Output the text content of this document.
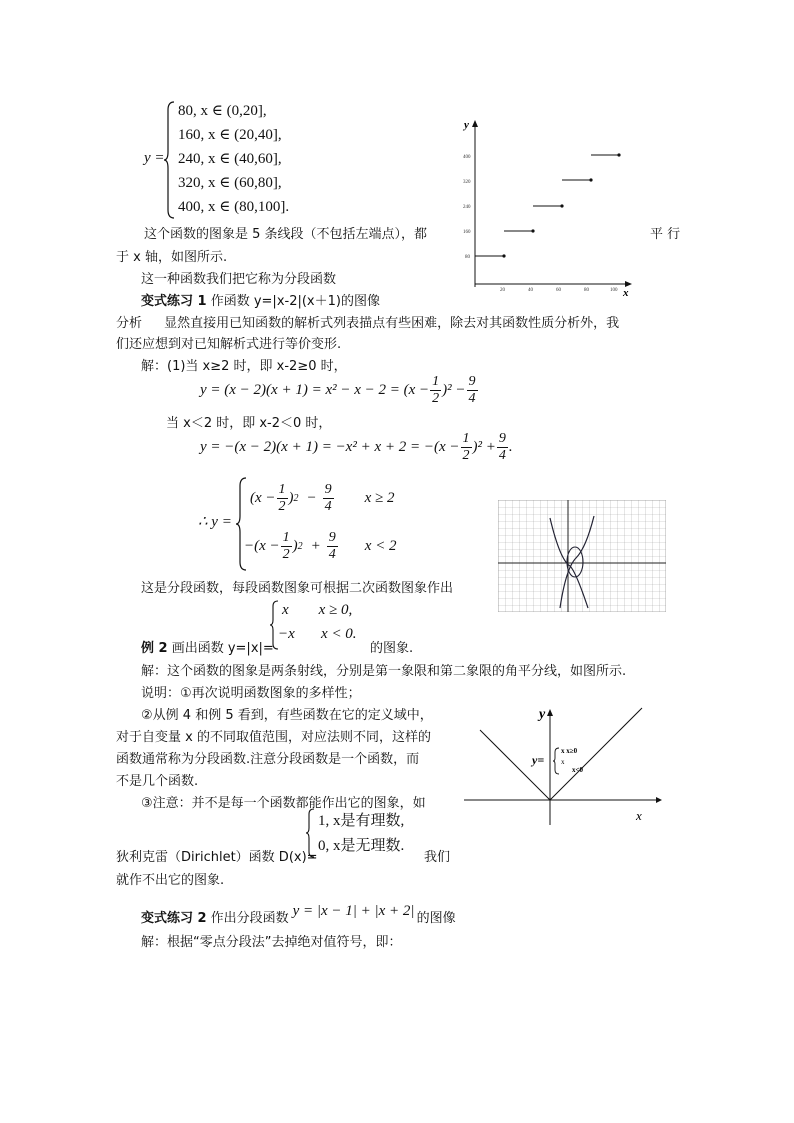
y =
80, x ∈ (0,20],
160, x ∈ (20,40],
240, x ∈ (40,60],
320, x ∈ (60,80],
400, x ∈ (80,100].
y
x
400
320
240
160
80
20	40	60	80	100
这个函数的图象是 5 条线段（不包括左端点），都	平 行
于 x 轴，如图所示.
这一种函数我们把它称为分段函数
变式练习 1 作函数 y=|x-2|(x＋1)的图像
分析 显然直接用已知函数的解析式列表描点有些困难，除去对其函数性质分析外，我
们还应想到对已知解析式进行等价变形.
解：(1)当 x≥2 时，即 x-2≥0 时，
$y = (x - 2)(x + 1) = x^2 - x - 2 = (x - \frac{1}{2} )^2 - \frac{9}{4}$
当 x＜2 时，即 x-2＜0 时，
$y = -(x - 2)(x + 1) = -x^2 + x + 2 = -(x - \frac{1}{2} )^2 + \frac{9}{4}$ .
∴ y =
($x - \frac{1}{2}$ ) $2 - \frac{9}{4}$ x ≥ 2
$-(x - \frac{1}{2}$ ) $2 + \frac{9}{4}$ x < 2
这是分段函数，每段函数图象可根据二次函数图象作出
x        x ≥ 0,
−x       x < 0.
例 2 画出函数 y=|x|=	的图象.
解：这个函数的图象是两条射线，分别是第一象限和第二象限的角平分线，如图所示.
说明：①再次说明函数图象的多样性；
②从例 4 和例 5 看到，有些函数在它的定义域中，
对于自变量 x 的不同取值范围，对应法则不同，这样的
函数通常称为分段函数.注意分段函数是一个函数，而
不是几个函数.
③注意：并不是每一个函数都能作出它的图象，如
1, x是有理数,
0, x是无理数.
狄利克雷（Dirichlet）函数 D(x)=	我们
就作不出它的图象.
y
x
y=
x x≥0
x
x<0
变式练习 2 作出分段函数 y = |x − 1| + |x + 2| 的图像
解：根据“零点分段法”去掉绝对值符号，即：
